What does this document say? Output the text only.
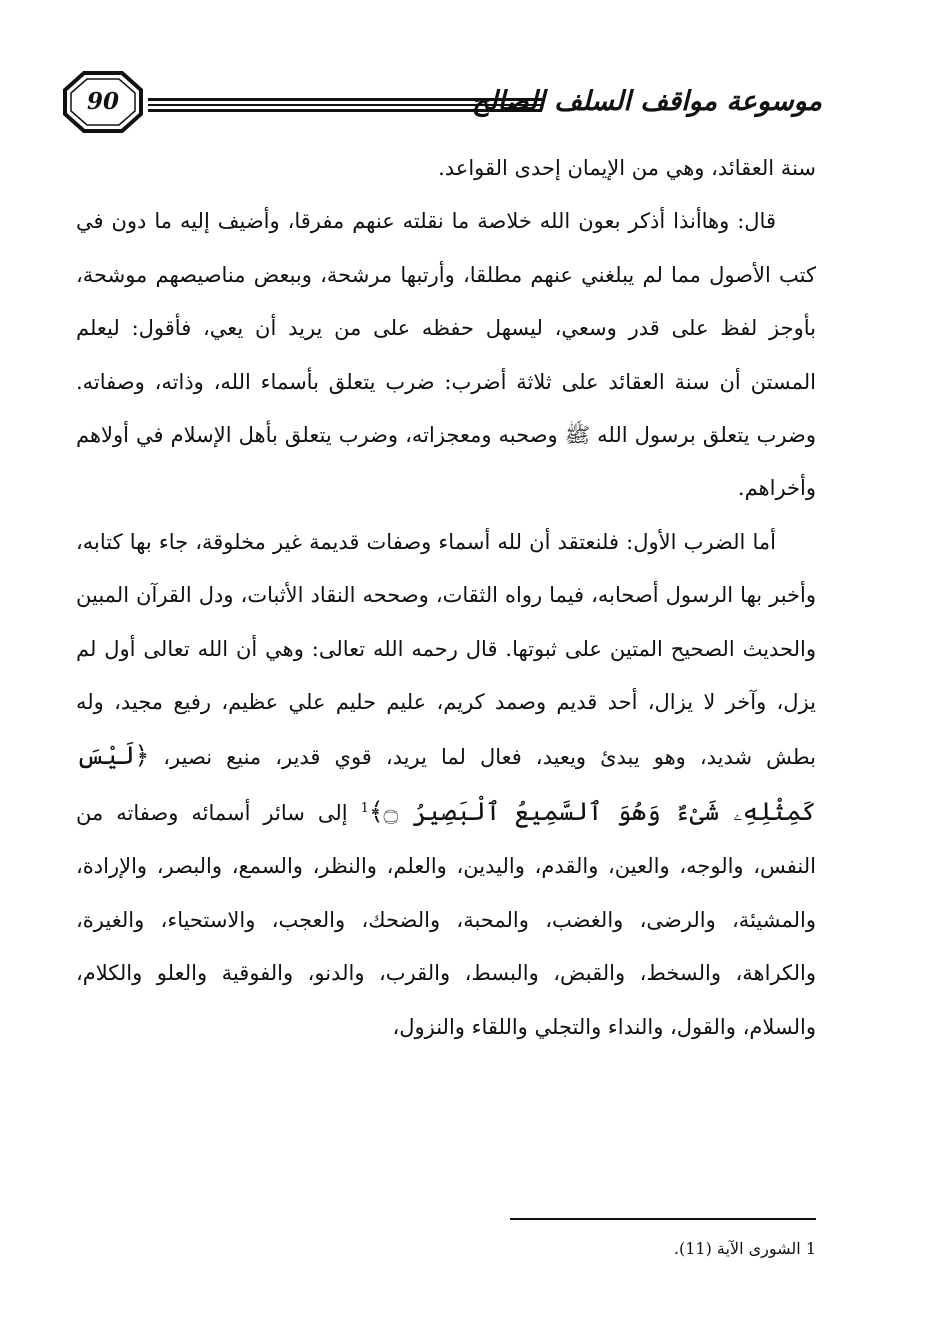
90	موسوعة مواقف السلف الصالح

سنة العقائد، وهي من الإيمان إحدى القواعد.

قال: وهاأنذا أذكر بعون الله خلاصة ما نقلته عنهم مفرقا، وأضيف إليه ما دون في كتب الأصول مما لم يبلغني عنهم مطلقا، وأرتبها مرشحة، وببعض مناصيصهم موشحة، بأوجز لفظ على قدر وسعي، ليسهل حفظه على من يريد أن يعي، فأقول: ليعلم المستن أن سنة العقائد على ثلاثة أضرب: ضرب يتعلق بأسماء الله، وذاته، وصفاته. وضرب يتعلق برسول الله ﷺ وصحبه ومعجزاته، وضرب يتعلق بأهل الإسلام في أولاهم وأخراهم.

أما الضرب الأول: فلنعتقد أن لله أسماء وصفات قديمة غير مخلوقة، جاء بها كتابه، وأخبر بها الرسول أصحابه، فيما رواه الثقات، وصححه النقاد الأثبات، ودل القرآن المبين والحديث الصحيح المتين على ثبوتها. قال رحمه الله تعالى: وهي أن الله تعالى أول لم يزل، وآخر لا يزال، أحد قديم وصمد كريم، عليم حليم علي عظيم، رفيع مجيد، وله بطش شديد، وهو يبدئ ويعيد، فعال لما يريد، قوي قدير، منيع نصير، ﴿لَيْسَ كَمِثْلِهِۦ شَىْءٌ وَهُوَ ٱلسَّمِيعُ ٱلْبَصِيرُ ۝﴾$^1$ إلى سائر أسمائه وصفاته من النفس، والوجه، والعين، والقدم، واليدين، والعلم، والنظر، والسمع، والبصر، والإرادة، والمشيئة، والرضى، والغضب، والمحبة، والضحك، والعجب، والاستحياء، والغيرة، والكراهة، والسخط، والقبض، والبسط، والقرب، والدنو، والفوقية والعلو والكلام، والسلام، والقول، والنداء والتجلي واللقاء والنزول،

1 الشورى الآية (11).
